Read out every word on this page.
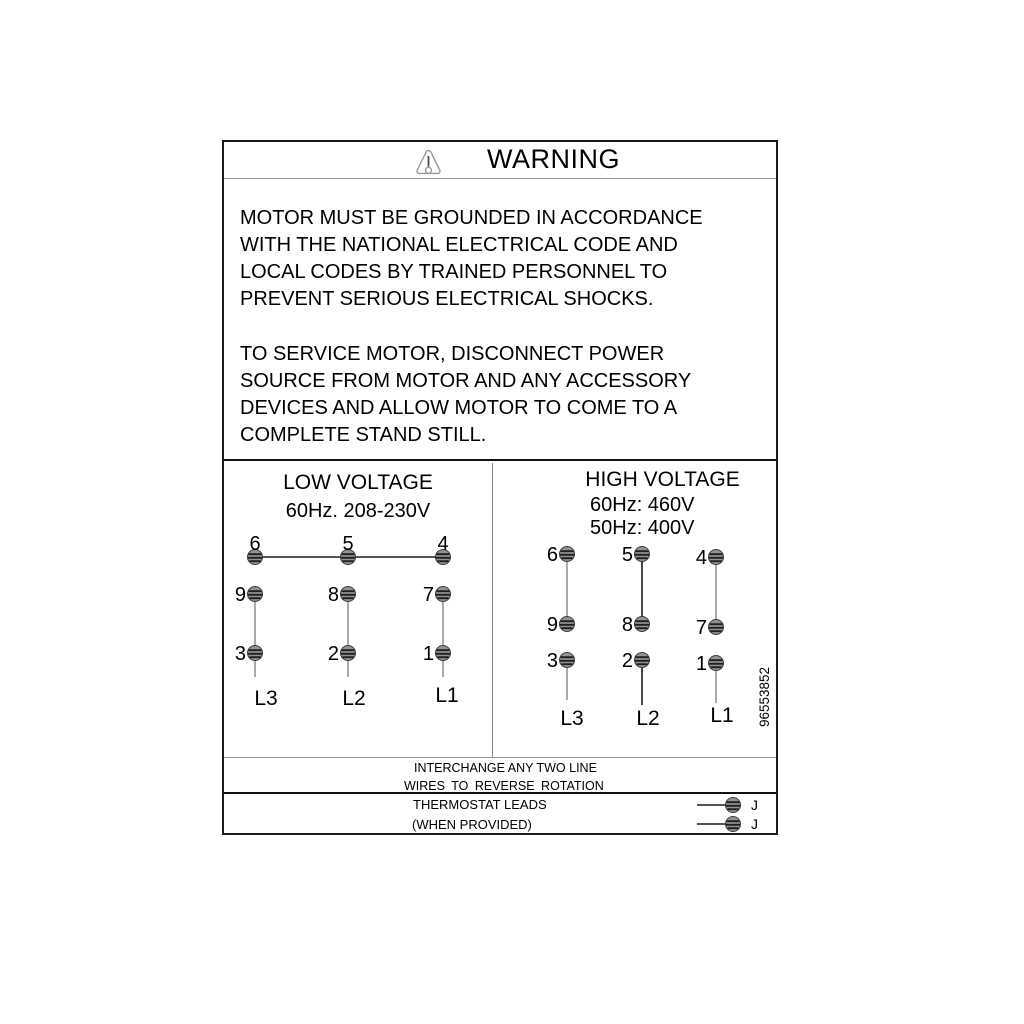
WARNING
MOTOR MUST BE GROUNDED IN ACCORDANCE
WITH THE NATIONAL ELECTRICAL CODE AND
LOCAL CODES BY TRAINED PERSONNEL TO
PREVENT SERIOUS ELECTRICAL SHOCKS.
TO SERVICE MOTOR, DISCONNECT POWER
SOURCE FROM MOTOR AND ANY ACCESSORY
DEVICES AND ALLOW MOTOR TO COME TO A
COMPLETE STAND STILL.
6
9
3
5
8
2
4
7
1
L3	L2	L1
LOW VOLTAGE
60Hz. 208-230V
6
9
3
5
8
2
4
7
1
L3	L2 L1 96553852
HIGH VOLTAGE
60Hz: 460V
50Hz: 400V
INTERCHANGE ANY TWO LINE
WIRES TO REVERSE ROTATION
THERMOSTAT LEADS
(WHEN PROVIDED)
J
J
